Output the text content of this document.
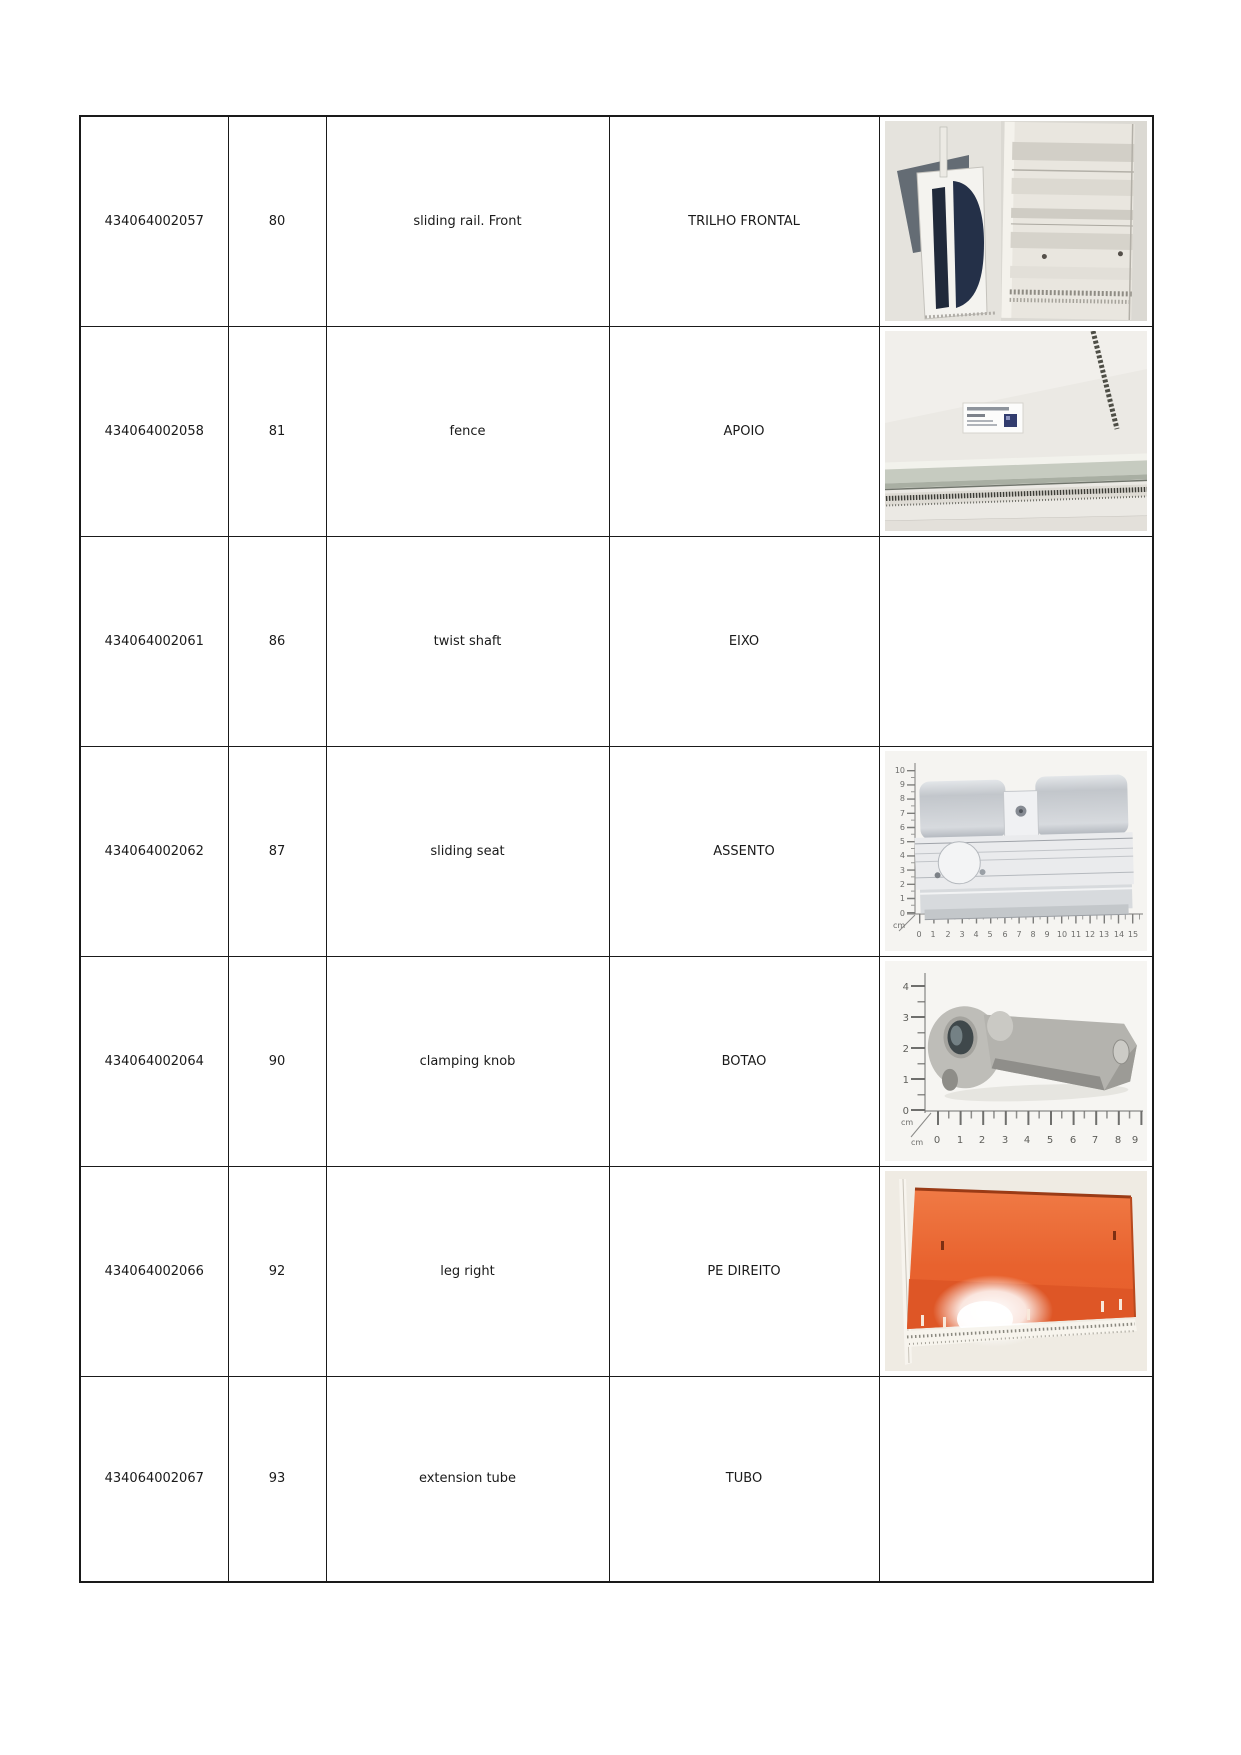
434064002057	80	sliding rail. Front	TRILHO FRONTAL	
434064002058	81	fence	APOIO	
434064002061	86	twist shaft	EIXO	
434064002062	87	sliding seat	ASSENTO	
10
9
8
7
6
5
4
3
2
1
0
0 1 2 3 4 5 6 7 8 9 10 11 12 13 14 15
cm

434064002064	90	clamping knob	BOTAO	
4
3
2
1
0
0 1 2 3 4 5 6 7 8 9
cm
cm

434064002066	92	leg right	PE DIREITO	
434064002067	93	extension tube	TUBO	
